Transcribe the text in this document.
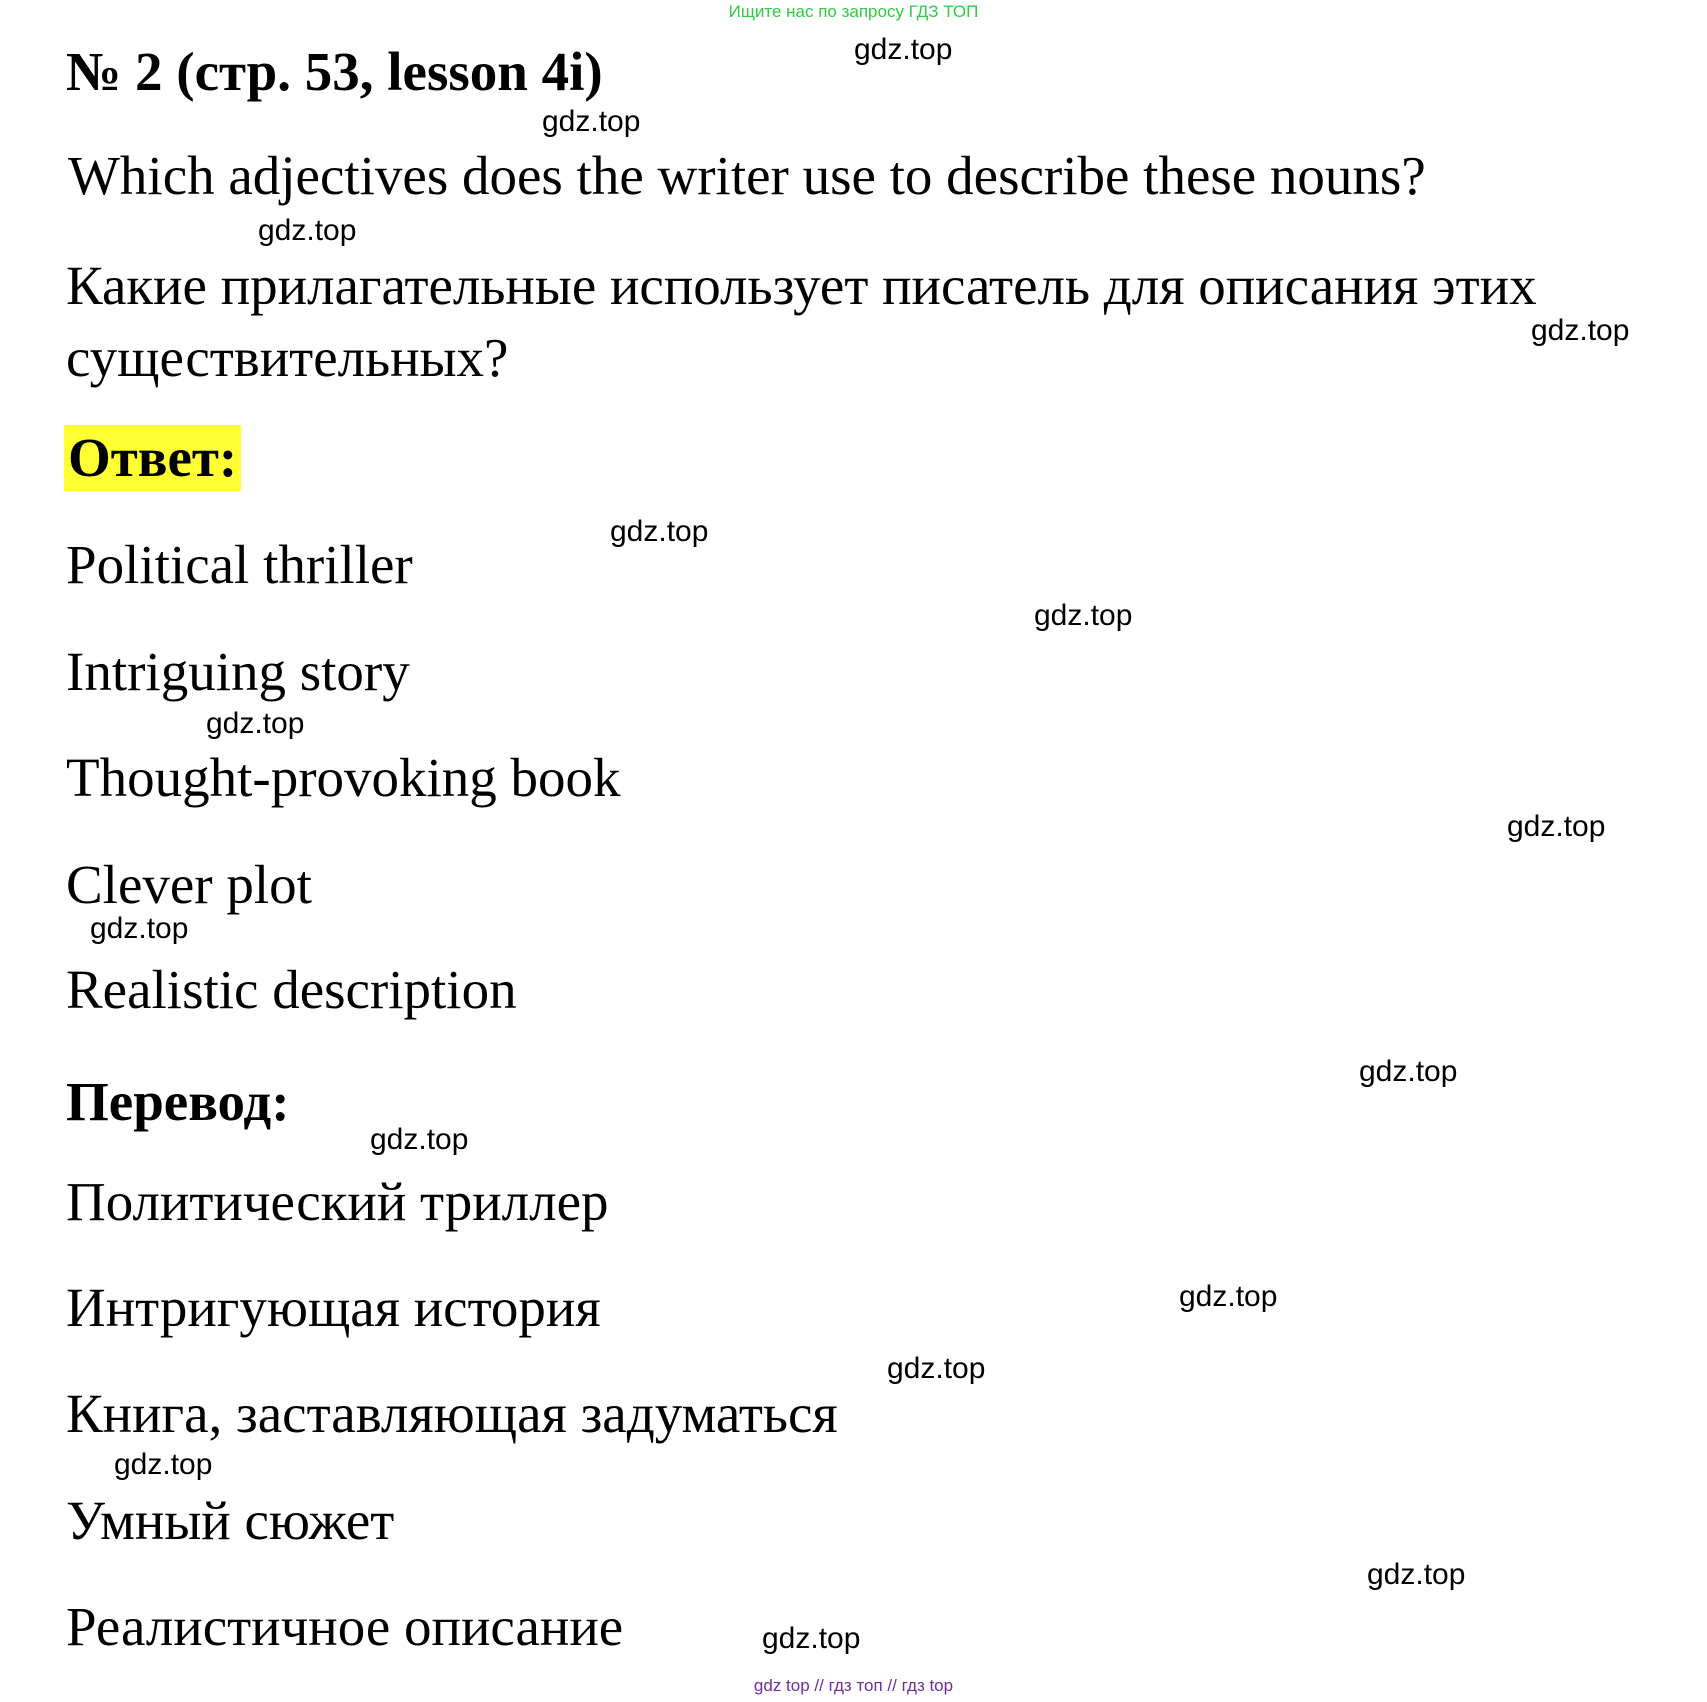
Ищите нас по запросу ГДЗ ТОП
№ 2 (стр. 53, lesson 4i)
Which adjectives does the writer use to describe these nouns?
Какие прилагательные использует писатель для описания этих существительных?
Ответ:
Political thriller
Intriguing story
Thought-provoking book
Clever plot
Realistic description
Перевод:
Политический триллер
Интригующая история
Книга, заставляющая задуматься
Умный сюжет
Реалистичное описание
gdz.top
gdz.top
gdz.top
gdz.top
gdz.top
gdz.top
gdz.top
gdz.top
gdz.top
gdz.top
gdz.top
gdz.top
gdz.top
gdz.top
gdz.top
gdz.top
gdz top // гдз топ // гдз top
